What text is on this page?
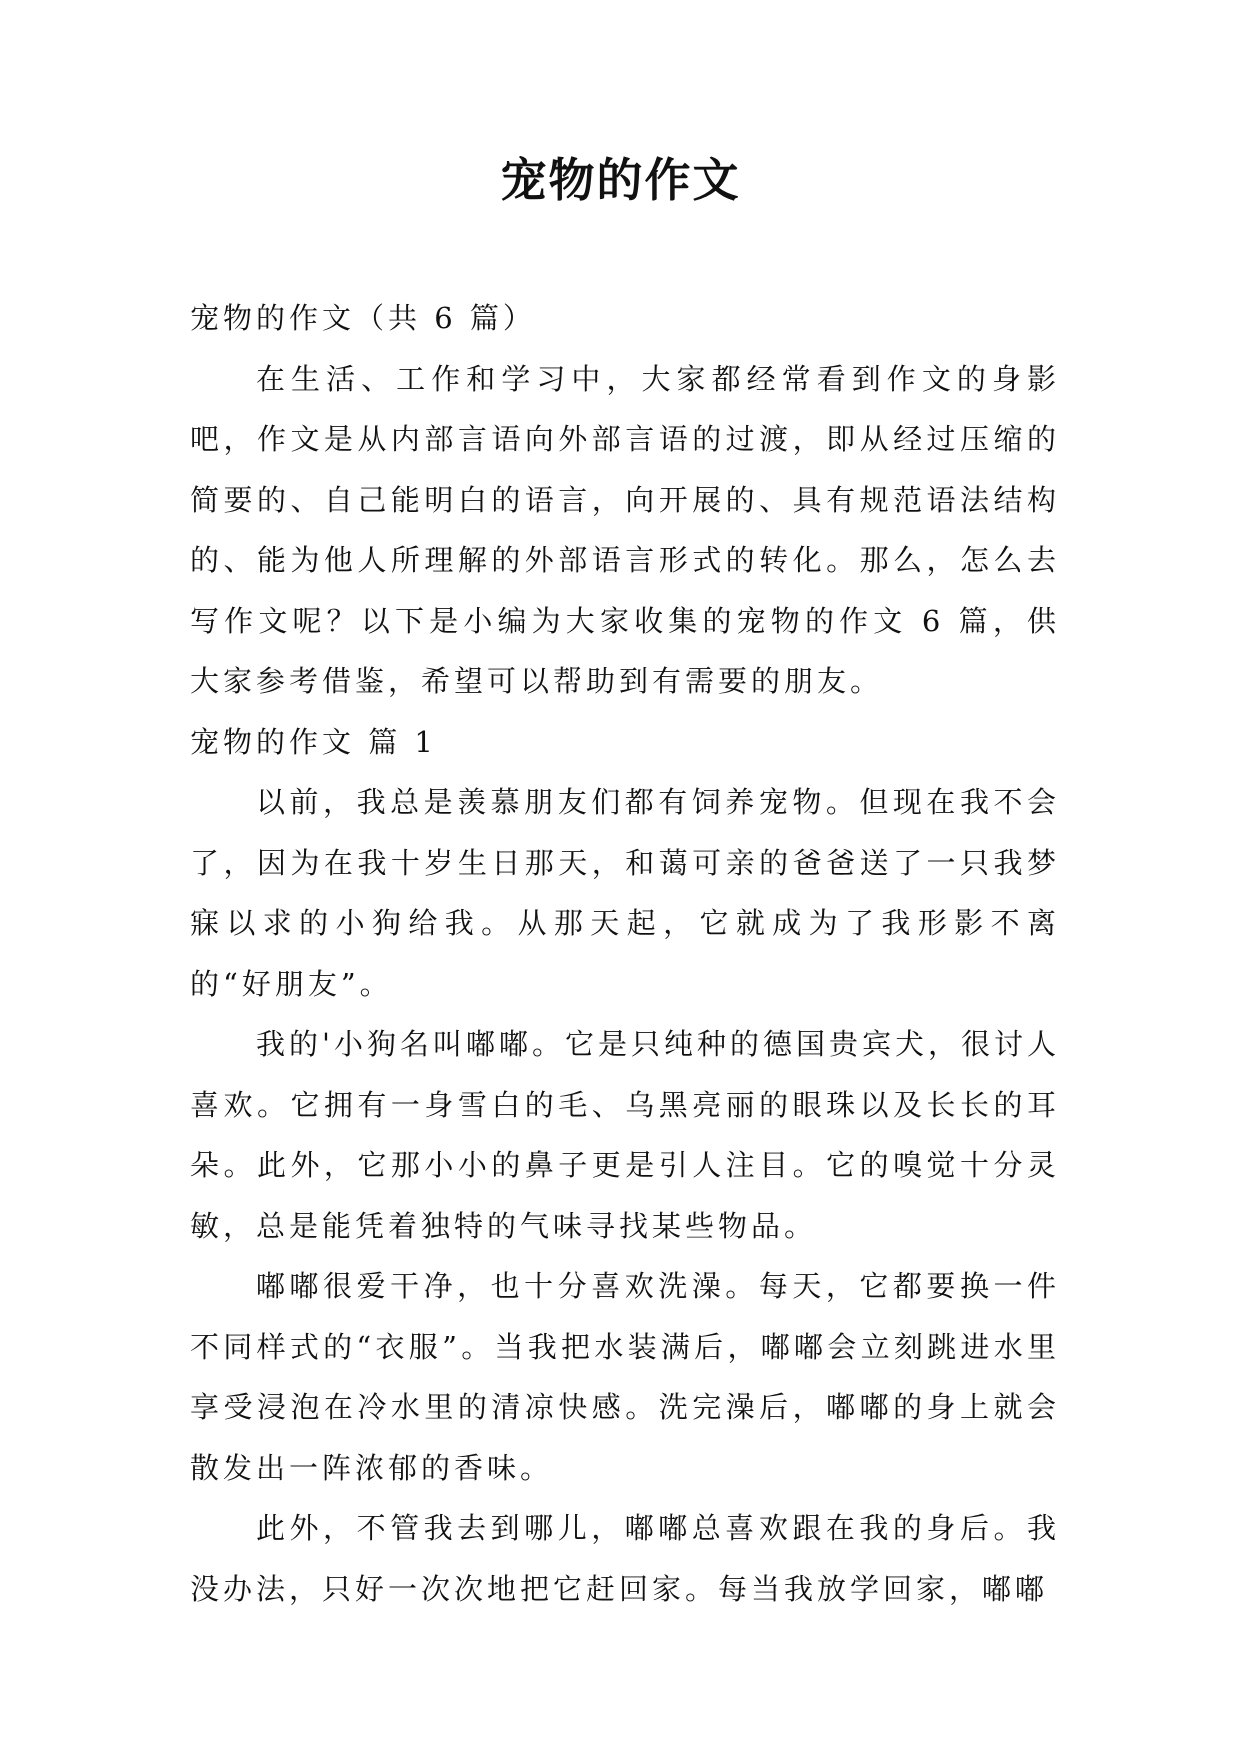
宠物的作文

宠物的作文（共 6 篇）

在生活、工作和学习中，大家都经常看到作文的身影吧，作文是从内部言语向外部言语的过渡，即从经过压缩的简要的、自己能明白的语言，向开展的、具有规范语法结构的、能为他人所理解的外部语言形式的转化。那么，怎么去写作文呢？以下是小编为大家收集的宠物的作文 6 篇，供大家参考借鉴，希望可以帮助到有需要的朋友。

宠物的作文 篇 1

以前，我总是羡慕朋友们都有饲养宠物。但现在我不会了，因为在我十岁生日那天，和蔼可亲的爸爸送了一只我梦寐以求的小狗给我。从那天起，它就成为了我形影不离的“好朋友”。

我的'小狗名叫嘟嘟。它是只纯种的德国贵宾犬，很讨人喜欢。它拥有一身雪白的毛、乌黑亮丽的眼珠以及长长的耳朵。此外，它那小小的鼻子更是引人注目。它的嗅觉十分灵敏，总是能凭着独特的气味寻找某些物品。

嘟嘟很爱干净，也十分喜欢洗澡。每天，它都要换一件不同样式的“衣服”。当我把水装满后，嘟嘟会立刻跳进水里享受浸泡在冷水里的清凉快感。洗完澡后，嘟嘟的身上就会散发出一阵浓郁的香味。

此外，不管我去到哪儿，嘟嘟总喜欢跟在我的身后。我没办法，只好一次次地把它赶回家。每当我放学回家，嘟嘟
